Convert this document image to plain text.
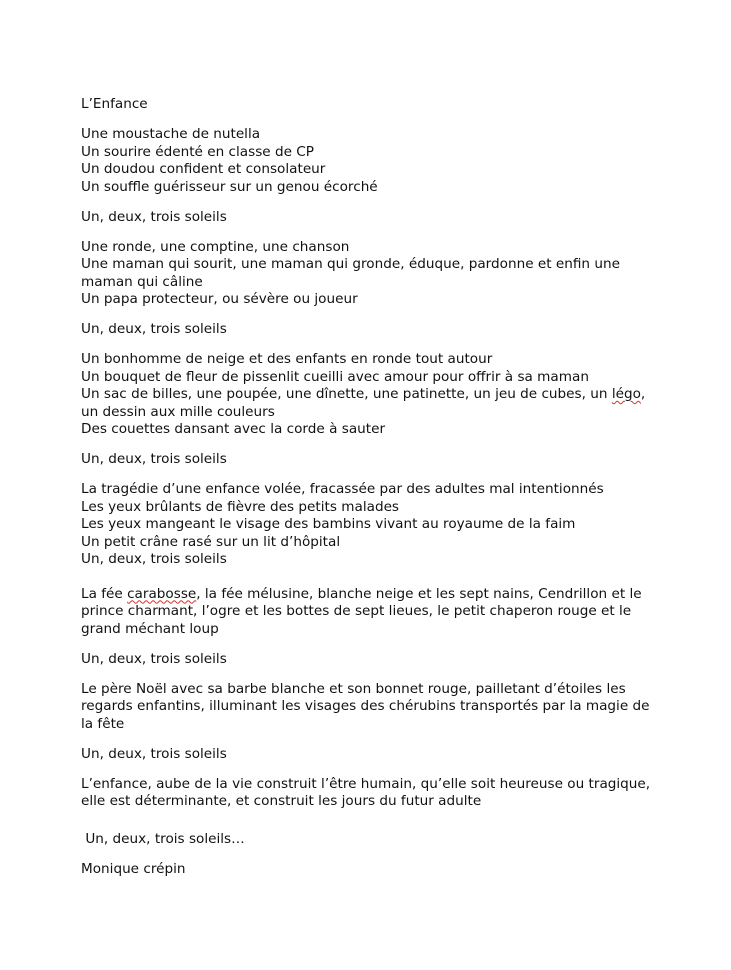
L’Enfance

Une moustache de nutella
Un sourire édenté en classe de CP
Un doudou confident et consolateur
Un souffle guérisseur sur un genou écorché

Un, deux, trois soleils

Une ronde, une comptine, une chanson
Une maman qui sourit, une maman qui gronde, éduque, pardonne et enfin une maman qui câline
Un papa protecteur, ou sévère ou joueur

Un, deux, trois soleils

Un bonhomme de neige et des enfants en ronde tout autour
Un bouquet de fleur de pissenlit cueilli avec amour pour offrir à sa maman
Un sac de billes, une poupée, une dînette, une patinette, un jeu de cubes, un légo, un dessin aux mille couleurs
Des couettes dansant avec la corde à sauter

Un, deux, trois soleils

La tragédie d’une enfance volée, fracassée par des adultes mal intentionnés
Les yeux brûlants de fièvre des petits malades
Les yeux mangeant le visage des bambins vivant au royaume de la faim
Un petit crâne rasé sur un lit d’hôpital
Un, deux, trois soleils

La fée carabosse, la fée mélusine, blanche neige et les sept nains, Cendrillon et le prince charmant, l’ogre et les bottes de sept lieues, le petit chaperon rouge et le grand méchant loup

Un, deux, trois soleils

Le père Noël avec sa barbe blanche et son bonnet rouge, pailletant d’étoiles les regards enfantins, illuminant les visages des chérubins transportés par la magie de la fête

Un, deux, trois soleils

L’enfance, aube de la vie construit l’être humain, qu’elle soit heureuse ou tragique, elle est déterminante, et construit les jours du futur adulte

Un, deux, trois soleils…

Monique crépin
